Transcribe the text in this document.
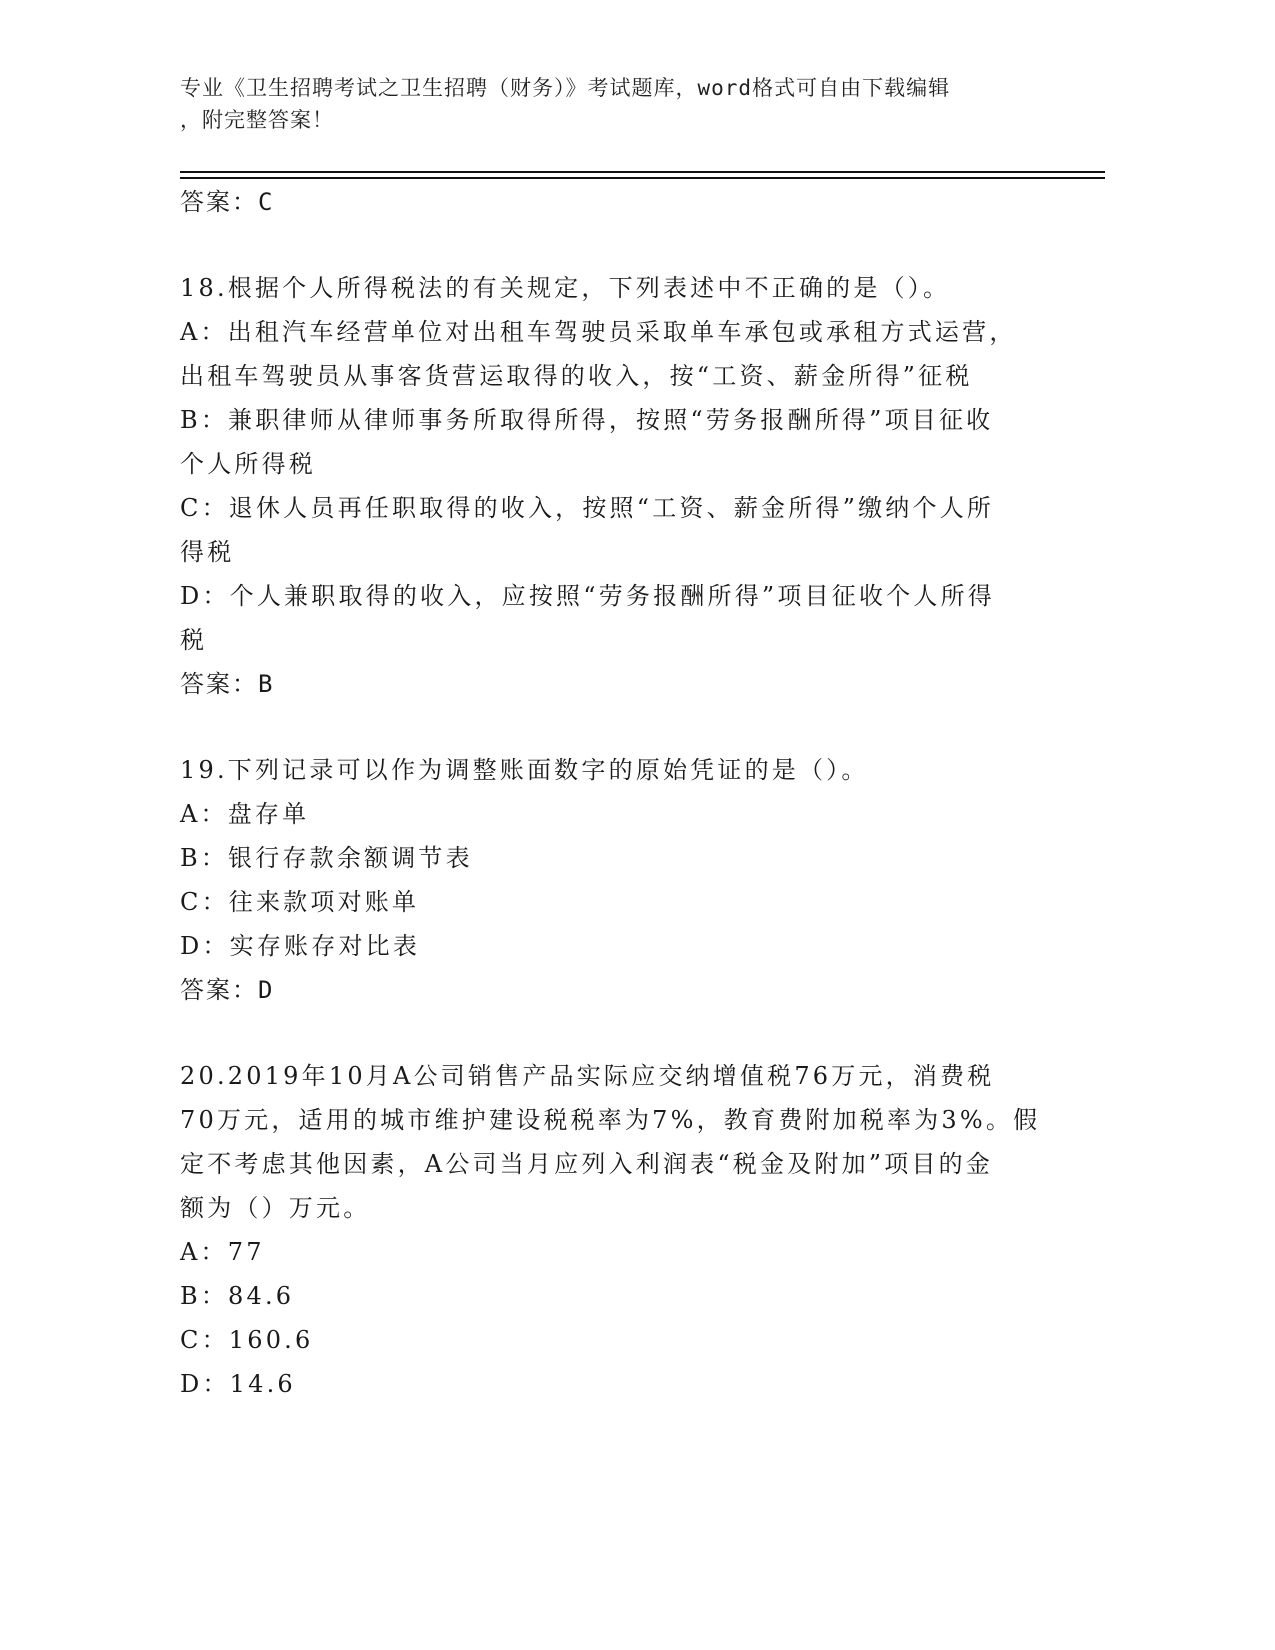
专业《卫生招聘考试之卫生招聘（财务）》考试题库，word格式可自由下载编辑
，附完整答案！
答案：C
18.根据个人所得税法的有关规定，下列表述中不正确的是（）。
A：出租汽车经营单位对出租车驾驶员采取单车承包或承租方式运营，
出租车驾驶员从事客货营运取得的收入，按“工资、薪金所得”征税
B：兼职律师从律师事务所取得所得，按照“劳务报酬所得”项目征收
个人所得税
C：退休人员再任职取得的收入，按照“工资、薪金所得”缴纳个人所
得税
D：个人兼职取得的收入，应按照“劳务报酬所得”项目征收个人所得
税
答案：B
19.下列记录可以作为调整账面数字的原始凭证的是（）。
A：盘存单
B：银行存款余额调节表
C：往来款项对账单
D：实存账存对比表
答案：D
20.2019年10月A公司销售产品实际应交纳增值税76万元，消费税
70万元，适用的城市维护建设税税率为7%，教育费附加税率为3%。假
定不考虑其他因素，A公司当月应列入利润表“税金及附加”项目的金
额为（）万元。
A：77
B：84.6
C：160.6
D：14.6
